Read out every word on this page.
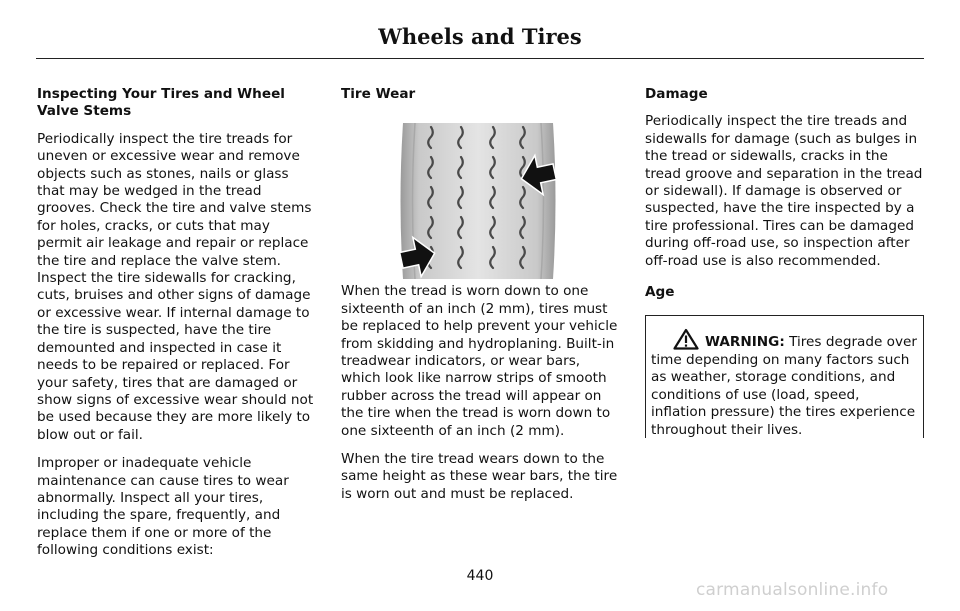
Wheels and Tires
Inspecting Your Tires and Wheel Valve Stems

Periodically inspect the tire treads for uneven or excessive wear and remove objects such as stones, nails or glass that may be wedged in the tread grooves. Check the tire and valve stems for holes, cracks, or cuts that may permit air leakage and repair or replace the tire and replace the valve stem. Inspect the tire sidewalls for cracking, cuts, bruises and other signs of damage or excessive wear. If internal damage to the tire is suspected, have the tire demounted and inspected in case it needs to be repaired or replaced. For your safety, tires that are damaged or show signs of excessive wear should not be used because they are more likely to blow out or fail.

Improper or inadequate vehicle maintenance can cause tires to wear abnormally. Inspect all your tires, including the spare, frequently, and replace them if one or more of the following conditions exist:

Tire Wear

When the tread is worn down to one sixteenth of an inch (2 mm), tires must be replaced to help prevent your vehicle from skidding and hydroplaning. Built-in treadwear indicators, or wear bars, which look like narrow strips of smooth rubber across the tread will appear on the tire when the tread is worn down to one sixteenth of an inch (2 mm).

When the tire tread wears down to the same height as these wear bars, the tire is worn out and must be replaced.

Damage

Periodically inspect the tire treads and sidewalls for damage (such as bulges in the tread or sidewalls, cracks in the tread groove and separation in the tread or sidewall). If damage is observed or suspected, have the tire inspected by a tire professional. Tires can be damaged during off-road use, so inspection after off-road use is also recommended.

Age
WARNING: Tires degrade over time depending on many factors such as weather, storage conditions, and conditions of use (load, speed, inflation pressure) the tires experience throughout their lives.
440
carmanualsonline.info
